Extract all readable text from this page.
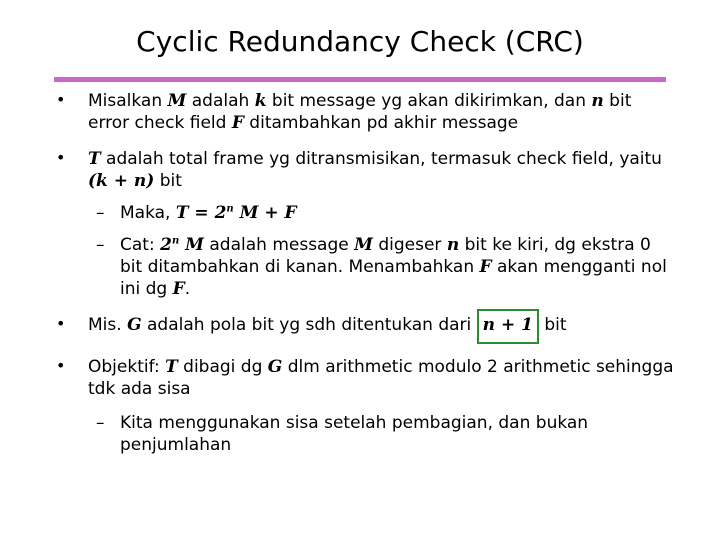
Cyclic Redundancy Check (CRC)
• Misalkan M adalah k bit message yg akan dikirimkan, dan n bit error check field F ditambahkan pd akhir message
• T adalah total frame yg ditransmisikan, termasuk check field, yaitu (k + n) bit
– Maka, $T = 2^n$ M + F
– Cat: 2$^n$ M adalah message M digeser n bit ke kiri, dg ekstra 0 bit ditambahkan di kanan. Menambahkan F akan mengganti nol ini dg F.
• Mis. G adalah pola bit yg sdh ditentukan dari n + 1 bit
• Objektif: T dibagi dg G dlm arithmetic modulo 2 arithmetic sehingga tdk ada sisa
– Kita menggunakan sisa setelah pembagian, dan bukan penjumlahan
